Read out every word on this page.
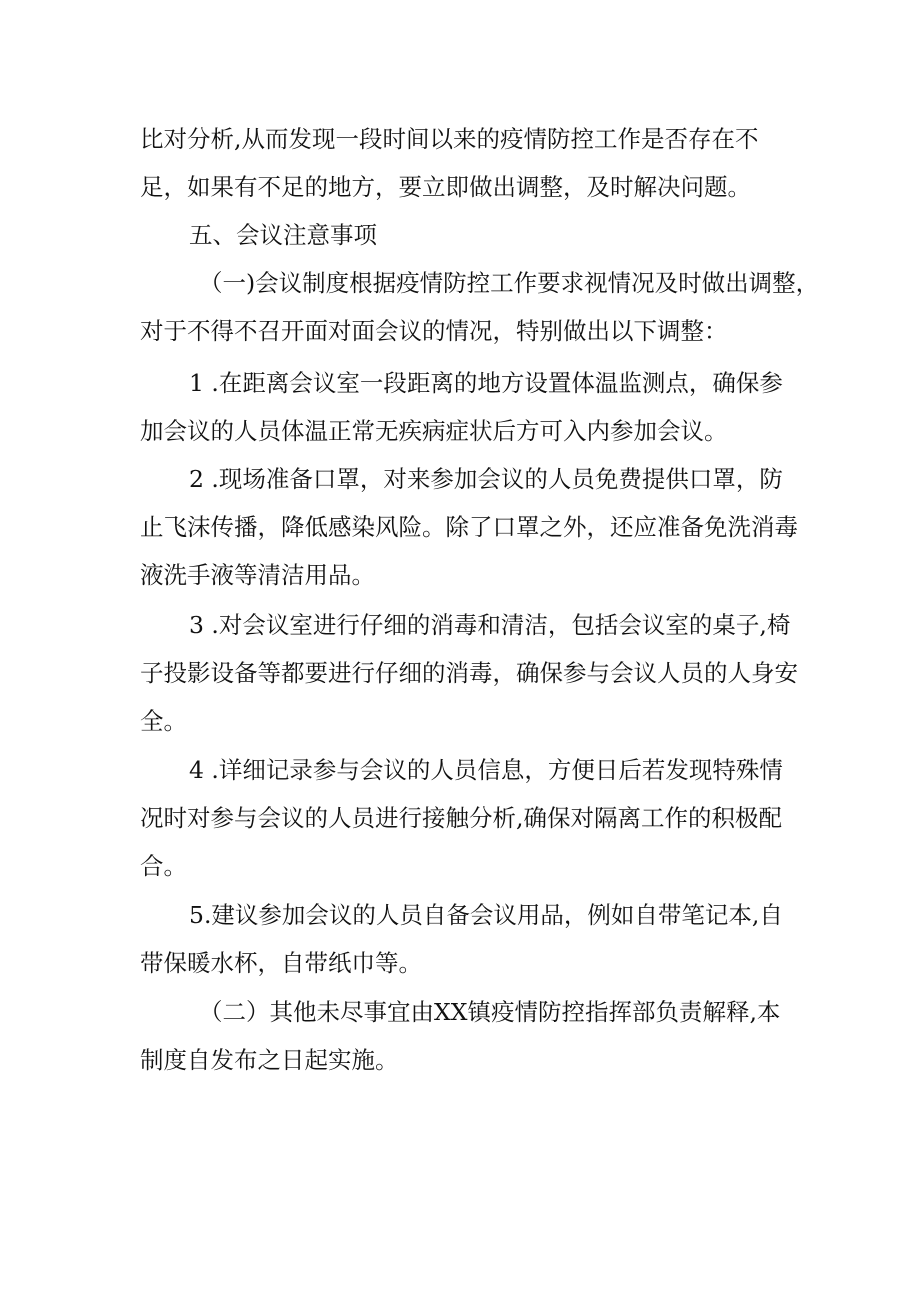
比对分析,从而发现一段时间以来的疫情防控工作是否存在不
足，如果有不足的地方，要立即做出调整，及时解决问题。
五、会议注意事项
（一)会议制度根据疫情防控工作要求视情况及时做出调整，
对于不得不召开面对面会议的情况，特别做出以下调整：
1 .在距离会议室一段距离的地方设置体温监测点，确保参
加会议的人员体温正常无疾病症状后方可入内参加会议。
2 .现场准备口罩，对来参加会议的人员免费提供口罩，防
止飞沫传播，降低感染风险。除了口罩之外，还应准备免洗消毒
液洗手液等清洁用品。
3 .对会议室进行仔细的消毒和清洁，包括会议室的桌子,椅
子投影设备等都要进行仔细的消毒，确保参与会议人员的人身安
全。
4 .详细记录参与会议的人员信息，方便日后若发现特殊情
况时对参与会议的人员进行接触分析,确保对隔离工作的积极配
合。
5.建议参加会议的人员自备会议用品，例如自带笔记本,自
带保暖水杯，自带纸巾等。
（二）其他未尽事宜由XX镇疫情防控指挥部负责解释,本
制度自发布之日起实施。
